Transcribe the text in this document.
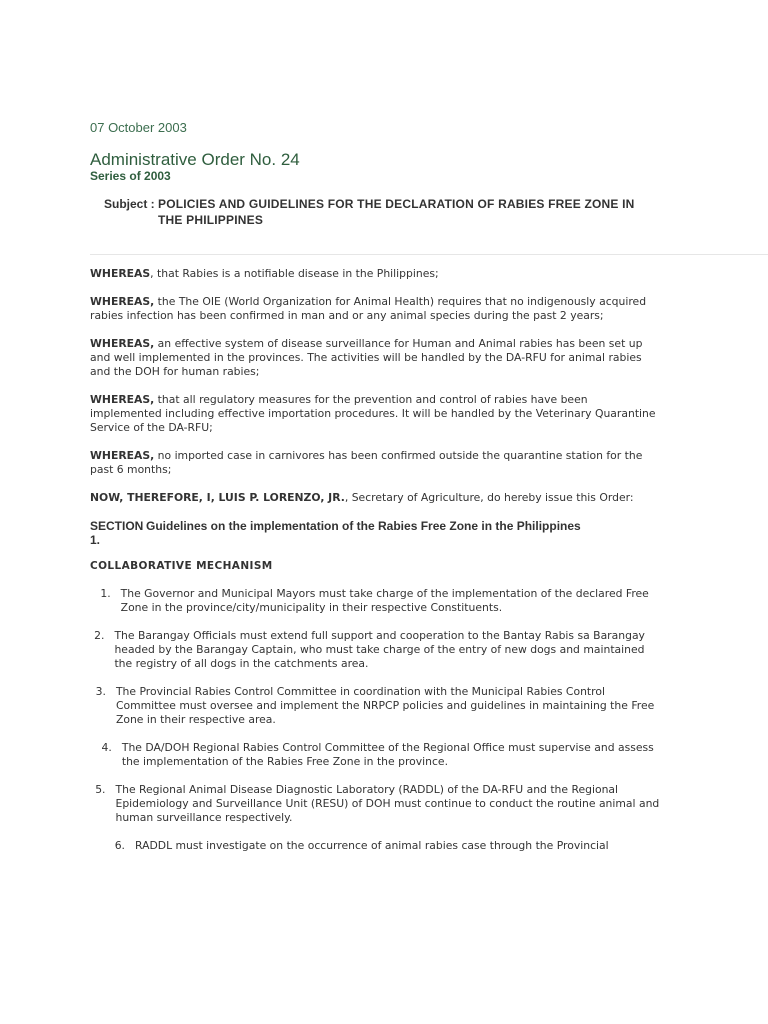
07 October 2003
Administrative Order No. 24
Series of 2003
Subject : POLICIES AND GUIDELINES FOR THE DECLARATION OF RABIES FREE ZONE IN THE PHILIPPINES

WHEREAS, that Rabies is a notifiable disease in the Philippines;

WHEREAS, the The OIE (World Organization for Animal Health) requires that no indigenously acquired rabies infection has been confirmed in man and or any animal species during the past 2 years;

WHEREAS, an effective system of disease surveillance for Human and Animal rabies has been set up and well implemented in the provinces. The activities will be handled by the DA-RFU for animal rabies and the DOH for human rabies;

WHEREAS, that all regulatory measures for the prevention and control of rabies have been implemented including effective importation procedures. It will be handled by the Veterinary Quarantine Service of the DA-RFU;

WHEREAS, no imported case in carnivores has been confirmed outside the quarantine station for the past 6 months;

NOW, THEREFORE, I, LUIS P. LORENZO, JR., Secretary of Agriculture, do hereby issue this Order:

SECTION 1.
Guidelines on the implementation of the Rabies Free Zone in the Philippines

COLLABORATIVE MECHANISM

1. The Governor and Municipal Mayors must take charge of the implementation of the declared Free Zone in the province/city/municipality in their respective Constituents.
2. The Barangay Officials must extend full support and cooperation to the Bantay Rabis sa Barangay headed by the Barangay Captain, who must take charge of the entry of new dogs and maintained the registry of all dogs in the catchments area.
3. The Provincial Rabies Control Committee in coordination with the Municipal Rabies Control Committee must oversee and implement the NRPCP policies and guidelines in maintaining the Free Zone in their respective area.
4. The DA/DOH Regional Rabies Control Committee of the Regional Office must supervise and assess the implementation of the Rabies Free Zone in the province.
5. The Regional Animal Disease Diagnostic Laboratory (RADDL) of the DA-RFU and the Regional Epidemiology and Surveillance Unit (RESU) of DOH must continue to conduct the routine animal and human surveillance respectively.
6. RADDL must investigate on the occurrence of animal rabies case through the Provincial
